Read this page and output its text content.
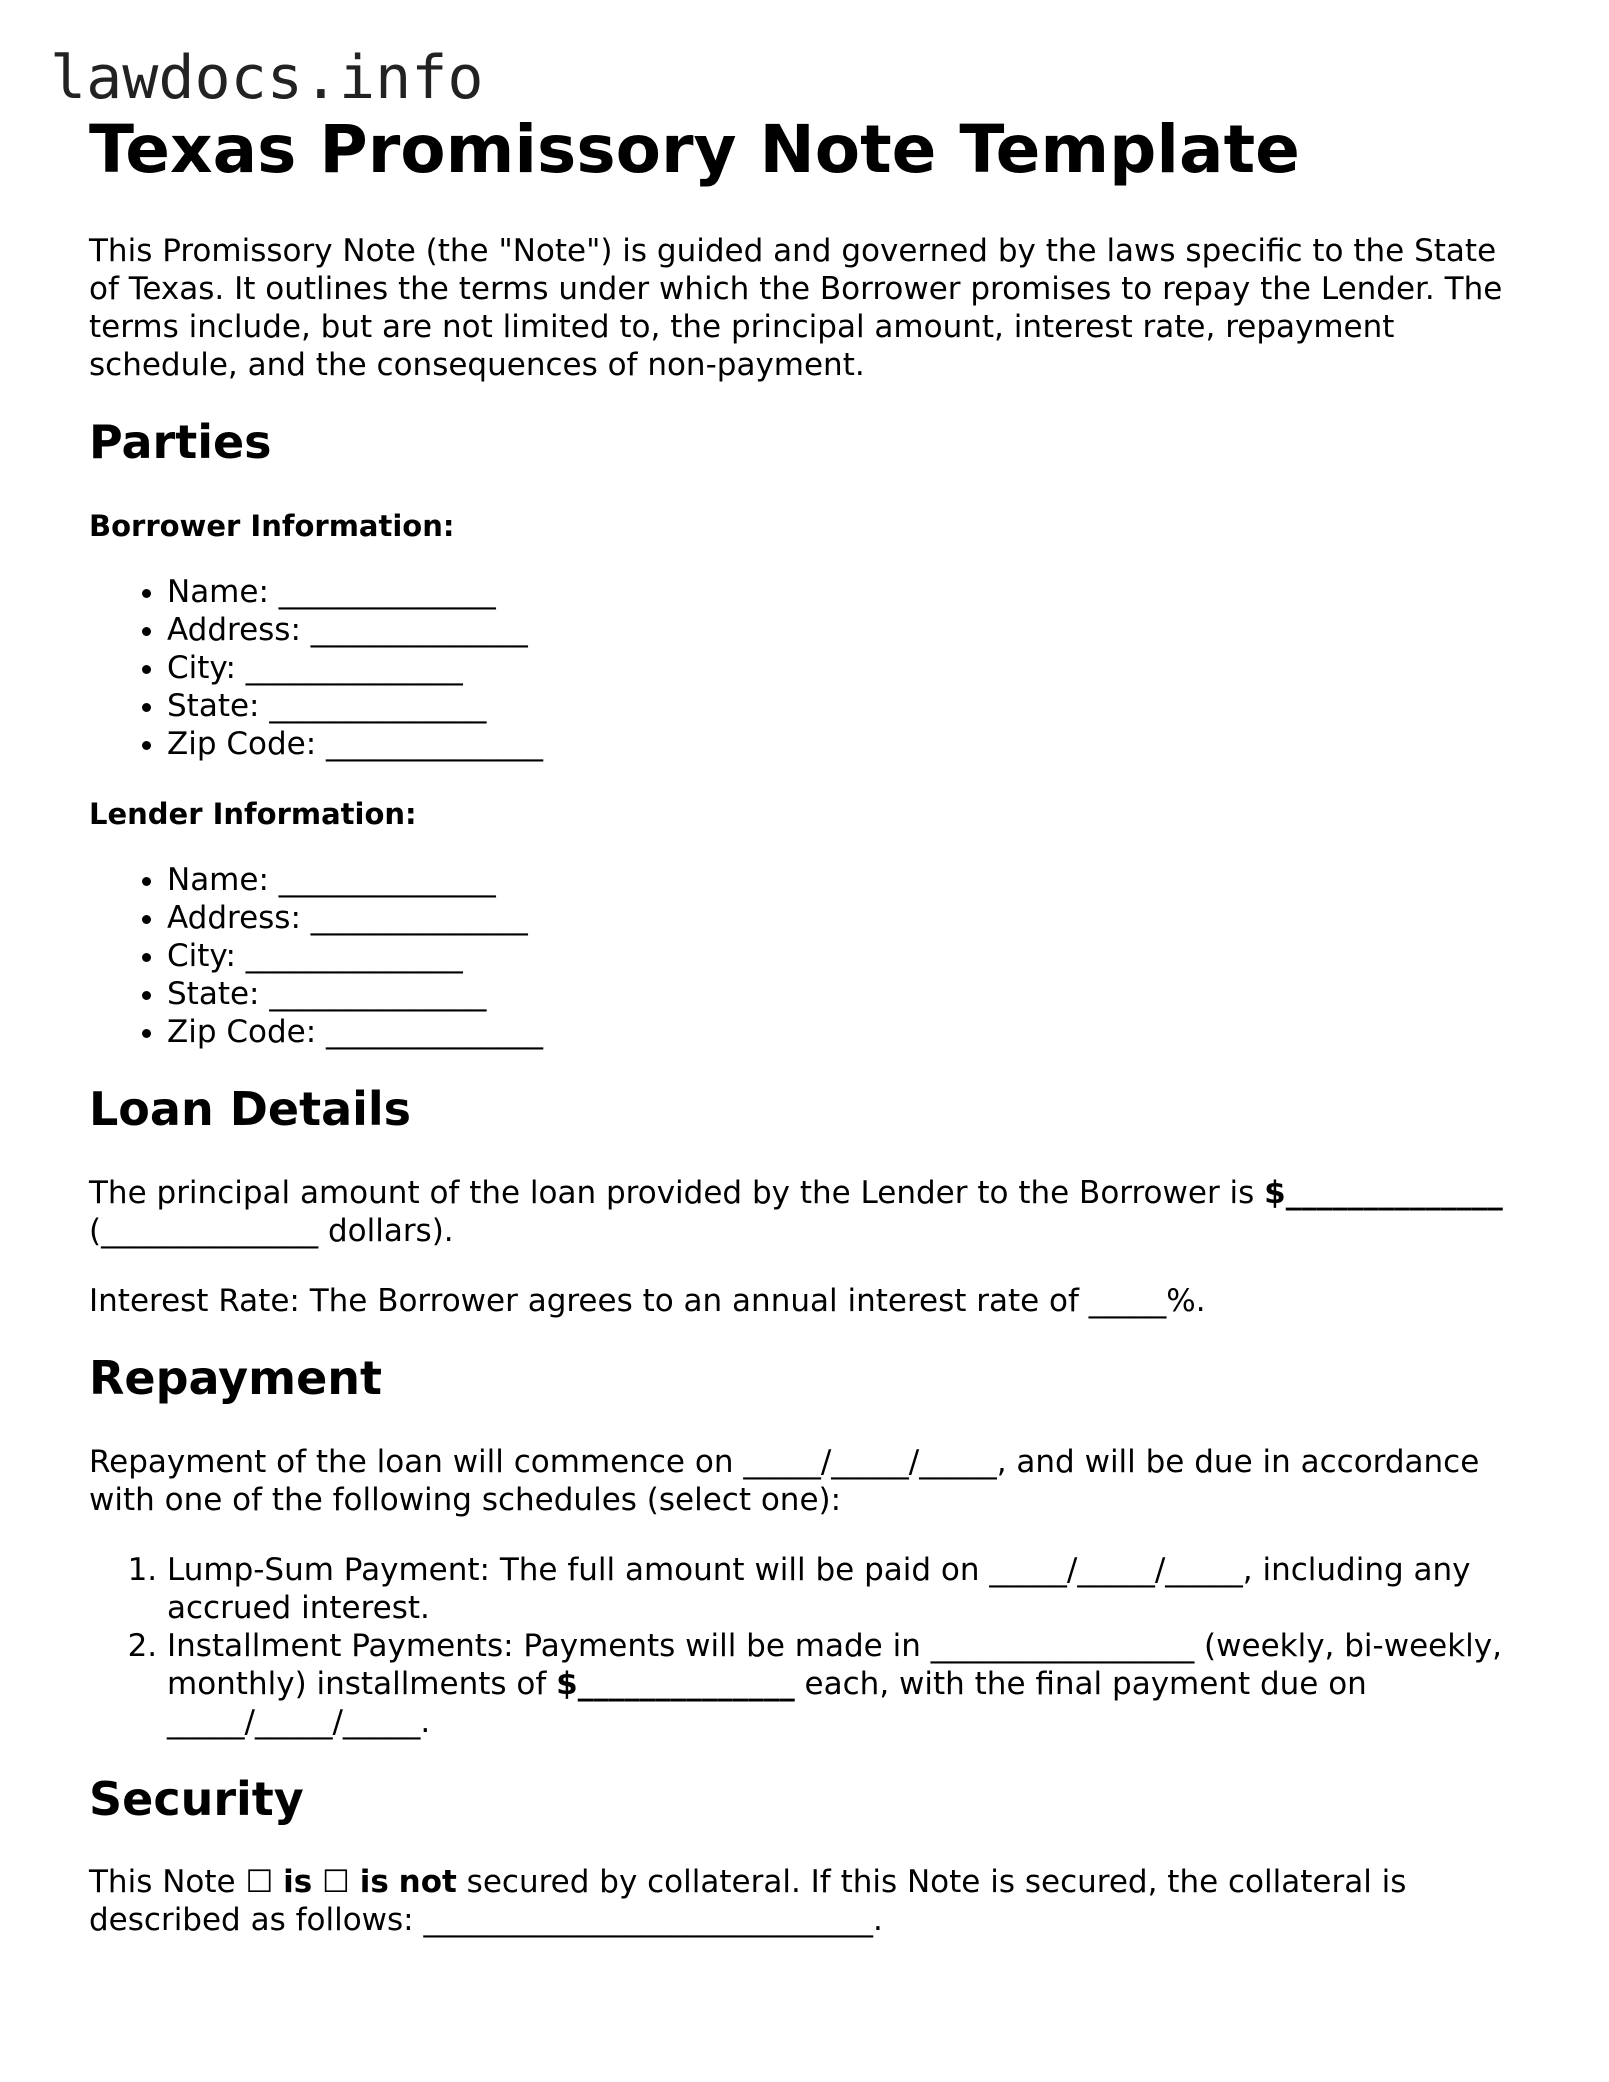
lawdocs.info
Texas Promissory Note Template

This Promissory Note (the "Note") is guided and governed by the laws specific to the State of Texas. It outlines the terms under which the Borrower promises to repay the Lender. The terms include, but are not limited to, the principal amount, interest rate, repayment schedule, and the consequences of non-payment.

Parties

Borrower Information:

• Name: ______________
• Address: ______________
• City: ______________
• State: ______________
• Zip Code: ______________

Lender Information:

• Name: ______________
• Address: ______________
• City: ______________
• State: ______________
• Zip Code: ______________
Loan Details

The principal amount of the loan provided by the Lender to the Borrower is $______________ (______________ dollars).

Interest Rate: The Borrower agrees to an annual interest rate of _____%.

Repayment

Repayment of the loan will commence on _____/_____/_____, and will be due in accordance with one of the following schedules (select one):

1. Lump-Sum Payment: The full amount will be paid on _____/_____/_____, including any accrued interest.
2. Installment Payments: Payments will be made in _________________ (weekly, bi-weekly, monthly) installments of $______________ each, with the final payment due on _____/_____/_____.
Security

This Note ☐ is ☐ is not secured by collateral. If this Note is secured, the collateral is described as follows: _____________________________.
